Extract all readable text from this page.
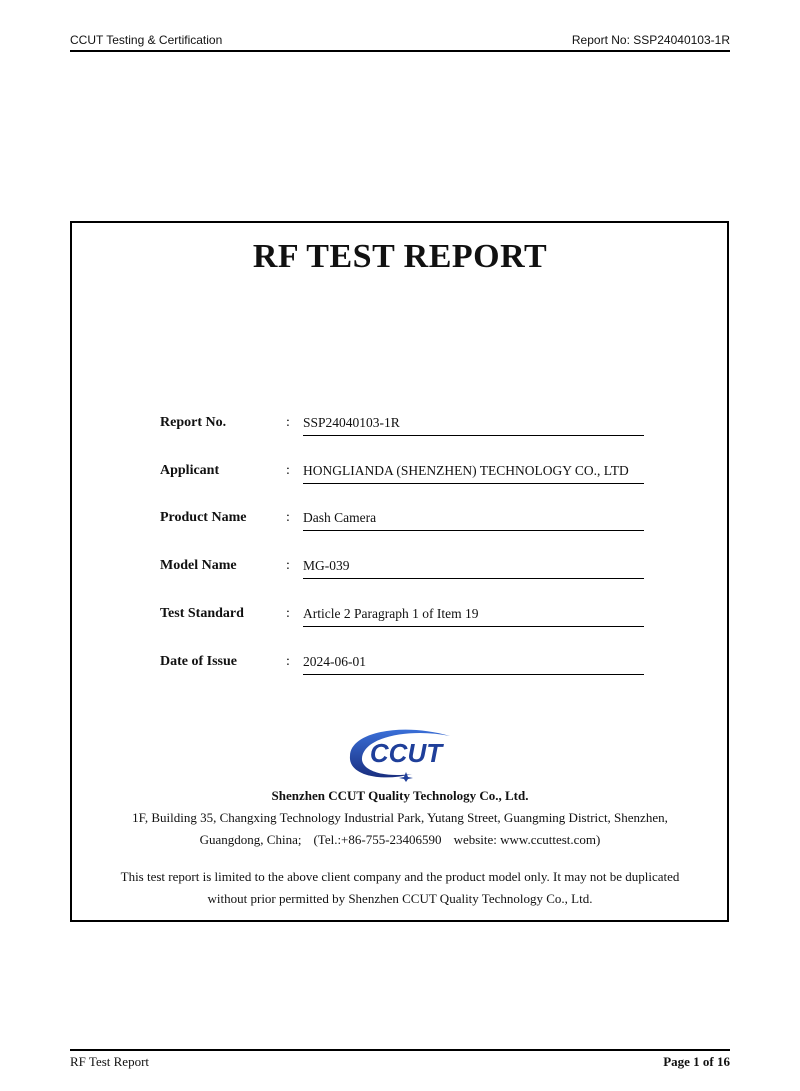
CCUT Testing & Certification	Report No: SSP24040103-1R
RF TEST REPORT
Report No.	: SSP24040103-1R
Applicant	: HONGLIANDA (SHENZHEN) TECHNOLOGY CO., LTD
Product Name	: Dash Camera
Model Name	: MG-039
Test Standard	: Article 2 Paragraph 1 of Item 19
Date of Issue	: 2024-06-01
CCUT
Shenzhen CCUT Quality Technology Co., Ltd.
1F, Building 35, Changxing Technology Industrial Park, Yutang Street, Guangming District, Shenzhen,
Guangdong, China; (Tel.:+86-755-23406590 website: www.ccuttest.com)
This test report is limited to the above client company and the product model only. It may not be duplicated
without prior permitted by Shenzhen CCUT Quality Technology Co., Ltd.
RF Test Report	Page 1 of 16
